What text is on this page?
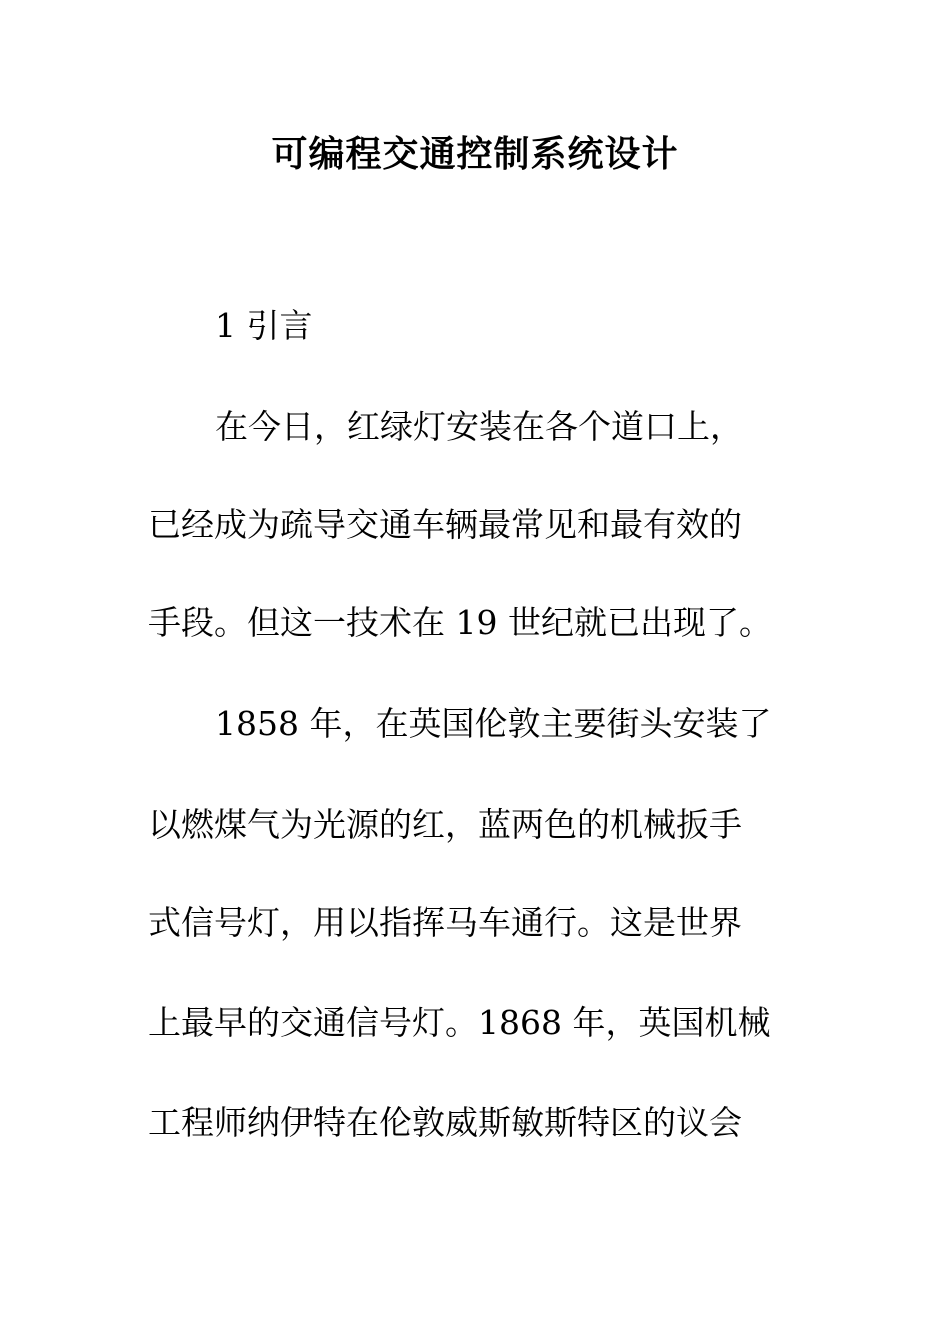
可编程交通控制系统设计
1 引言
在今日，红绿灯安装在各个道口上，
已经成为疏导交通车辆最常见和最有效的
手段。但这一技术在 19 世纪就已出现了。
1858 年，在英国伦敦主要街头安装了
以燃煤气为光源的红，蓝两色的机械扳手
式信号灯，用以指挥马车通行。这是世界
上最早的交通信号灯。1868 年，英国机械
工程师纳伊特在伦敦威斯敏斯特区的议会
